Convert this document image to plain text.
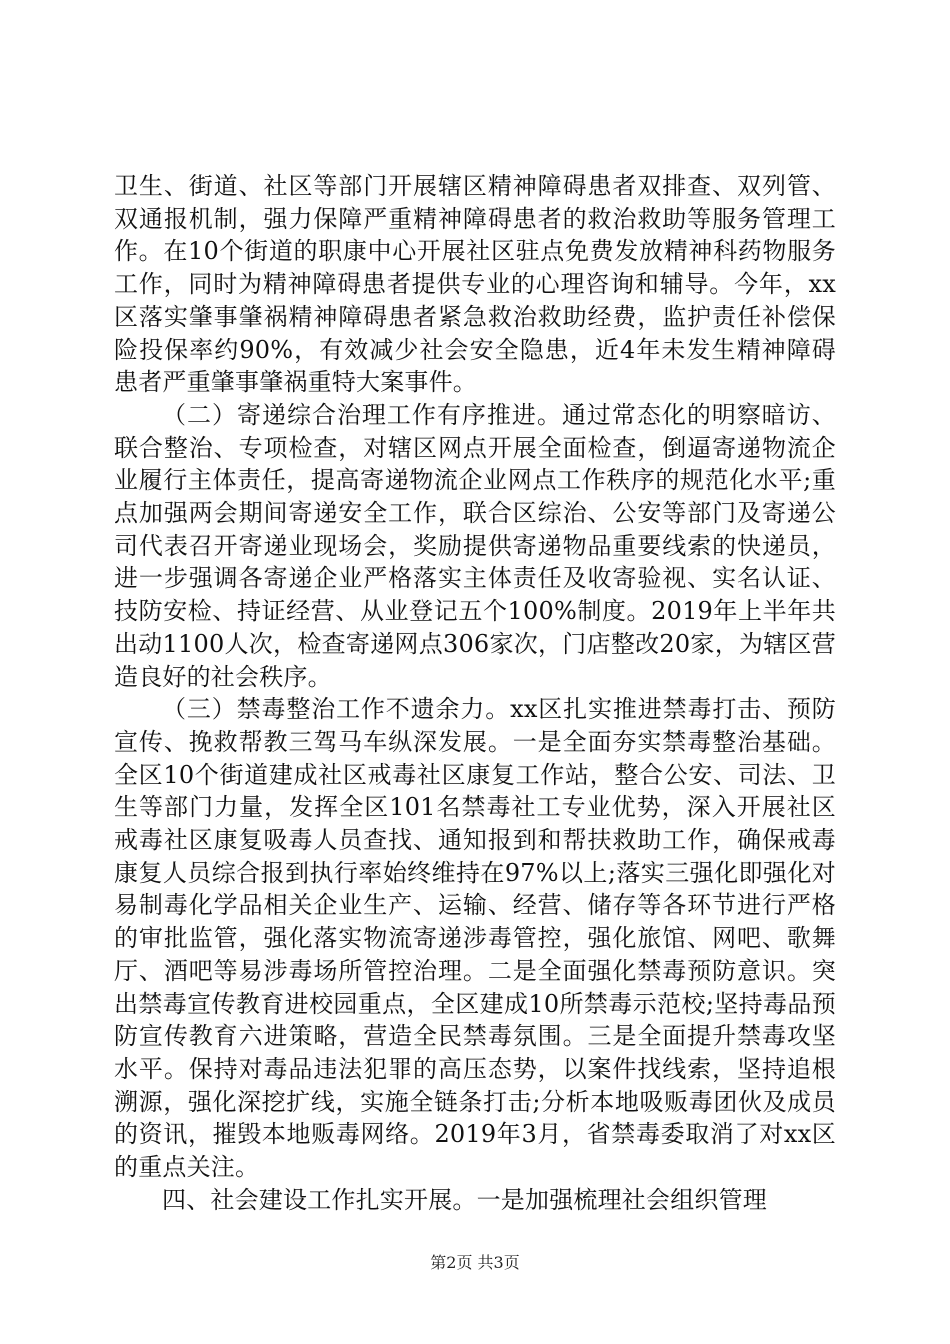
卫生、街道、社区等部门开展辖区精神障碍患者双排查、双列管、双通报机制，强力保障严重精神障碍患者的救治救助等服务管理工作。在10个街道的职康中心开展社区驻点免费发放精神科药物服务工作，同时为精神障碍患者提供专业的心理咨询和辅导。今年，xx区落实肇事肇祸精神障碍患者紧急救治救助经费，监护责任补偿保险投保率约90%，有效减少社会安全隐患，近4年未发生精神障碍患者严重肇事肇祸重特大案事件。

（二）寄递综合治理工作有序推进。通过常态化的明察暗访、联合整治、专项检查，对辖区网点开展全面检查，倒逼寄递物流企业履行主体责任，提高寄递物流企业网点工作秩序的规范化水平;重点加强两会期间寄递安全工作，联合区综治、公安等部门及寄递公司代表召开寄递业现场会，奖励提供寄递物品重要线索的快递员，进一步强调各寄递企业严格落实主体责任及收寄验视、实名认证、技防安检、持证经营、从业登记五个100%制度。2019年上半年共出动1100人次，检查寄递网点306家次，门店整改20家，为辖区营造良好的社会秩序。

（三）禁毒整治工作不遗余力。xx区扎实推进禁毒打击、预防宣传、挽救帮教三驾马车纵深发展。一是全面夯实禁毒整治基础。全区10个街道建成社区戒毒社区康复工作站，整合公安、司法、卫生等部门力量，发挥全区101名禁毒社工专业优势，深入开展社区戒毒社区康复吸毒人员查找、通知报到和帮扶救助工作，确保戒毒康复人员综合报到执行率始终维持在97%以上;落实三强化即强化对易制毒化学品相关企业生产、运输、经营、储存等各环节进行严格的审批监管，强化落实物流寄递涉毒管控，强化旅馆、网吧、歌舞厅、酒吧等易涉毒场所管控治理。二是全面强化禁毒预防意识。突出禁毒宣传教育进校园重点，全区建成10所禁毒示范校;坚持毒品预防宣传教育六进策略，营造全民禁毒氛围。三是全面提升禁毒攻坚水平。保持对毒品违法犯罪的高压态势，以案件找线索，坚持追根溯源，强化深挖扩线，实施全链条打击;分析本地吸贩毒团伙及成员的资讯，摧毁本地贩毒网络。2019年3月，省禁毒委取消了对xx区的重点关注。

四、社会建设工作扎实开展。一是加强梳理社会组织管理

第2页 共3页
